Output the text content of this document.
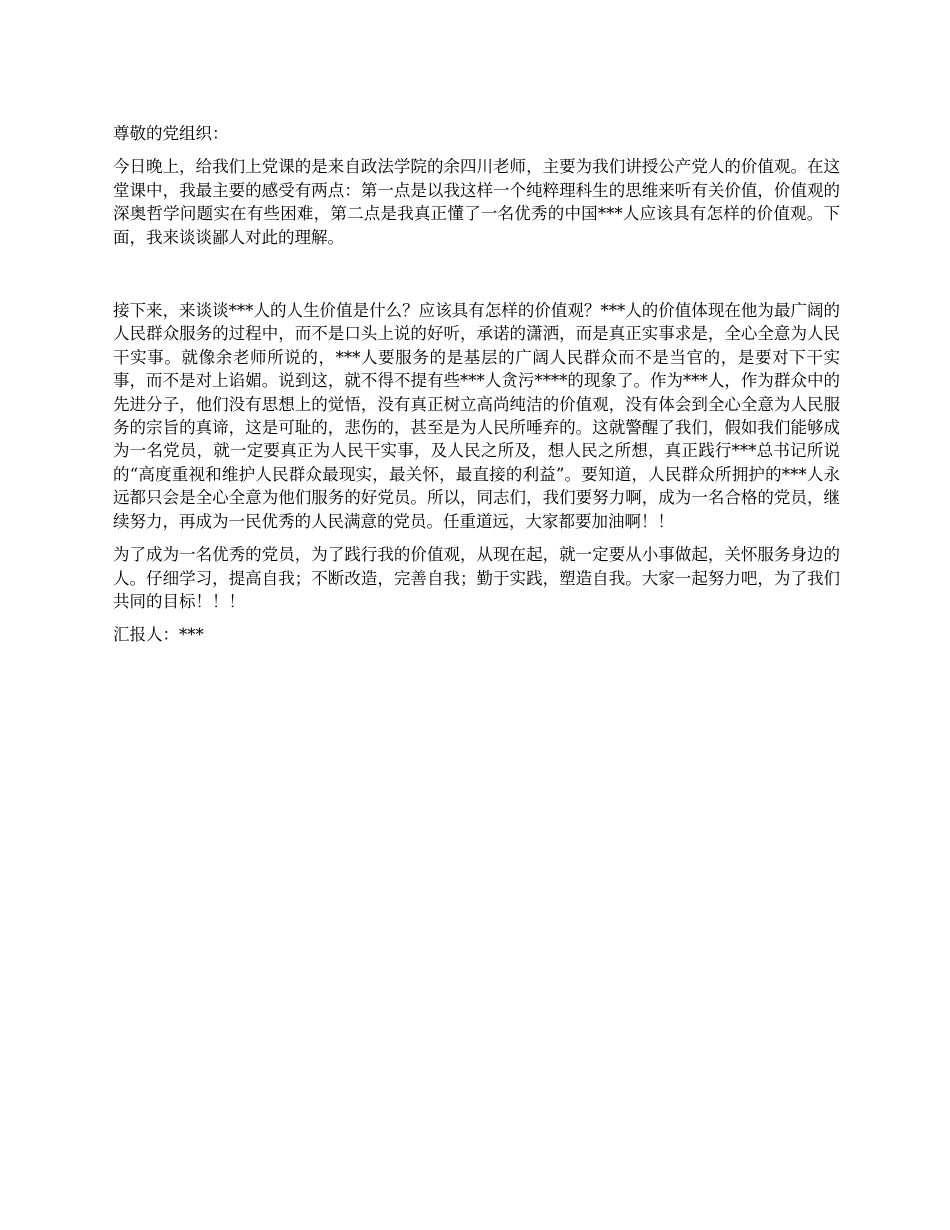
尊敬的党组织：

今日晚上，给我们上党课的是来自政法学院的余四川老师，主要为我们讲授公产党人的价值观。在这堂课中，我最主要的感受有两点：第一点是以我这样一个纯粹理科生的思维来听有关价值，价值观的深奥哲学问题实在有些困难，第二点是我真正懂了一名优秀的中国***人应该具有怎样的价值观。下面，我来谈谈鄙人对此的理解。

接下来，来谈谈***人的人生价值是什么？应该具有怎样的价值观？***人的价值体现在他为最广阔的人民群众服务的过程中，而不是口头上说的好听，承诺的潇洒，而是真正实事求是，全心全意为人民干实事。就像余老师所说的，***人要服务的是基层的广阔人民群众而不是当官的，是要对下干实事，而不是对上谄媚。说到这，就不得不提有些***人贪污****的现象了。作为***人，作为群众中的先进分子，他们没有思想上的觉悟，没有真正树立高尚纯洁的价值观，没有体会到全心全意为人民服务的宗旨的真谛，这是可耻的，悲伤的，甚至是为人民所唾弃的。这就警醒了我们，假如我们能够成为一名党员，就一定要真正为人民干实事，及人民之所及，想人民之所想，真正践行***总书记所说的“高度重视和维护人民群众最现实，最关怀，最直接的利益”。要知道，人民群众所拥护的***人永远都只会是全心全意为他们服务的好党员。所以，同志们，我们要努力啊，成为一名合格的党员，继续努力，再成为一民优秀的人民满意的党员。任重道远，大家都要加油啊！！

为了成为一名优秀的党员，为了践行我的价值观，从现在起，就一定要从小事做起，关怀服务身边的人。仔细学习，提高自我；不断改造，完善自我；勤于实践，塑造自我。大家一起努力吧，为了我们共同的目标！！！

汇报人：***
